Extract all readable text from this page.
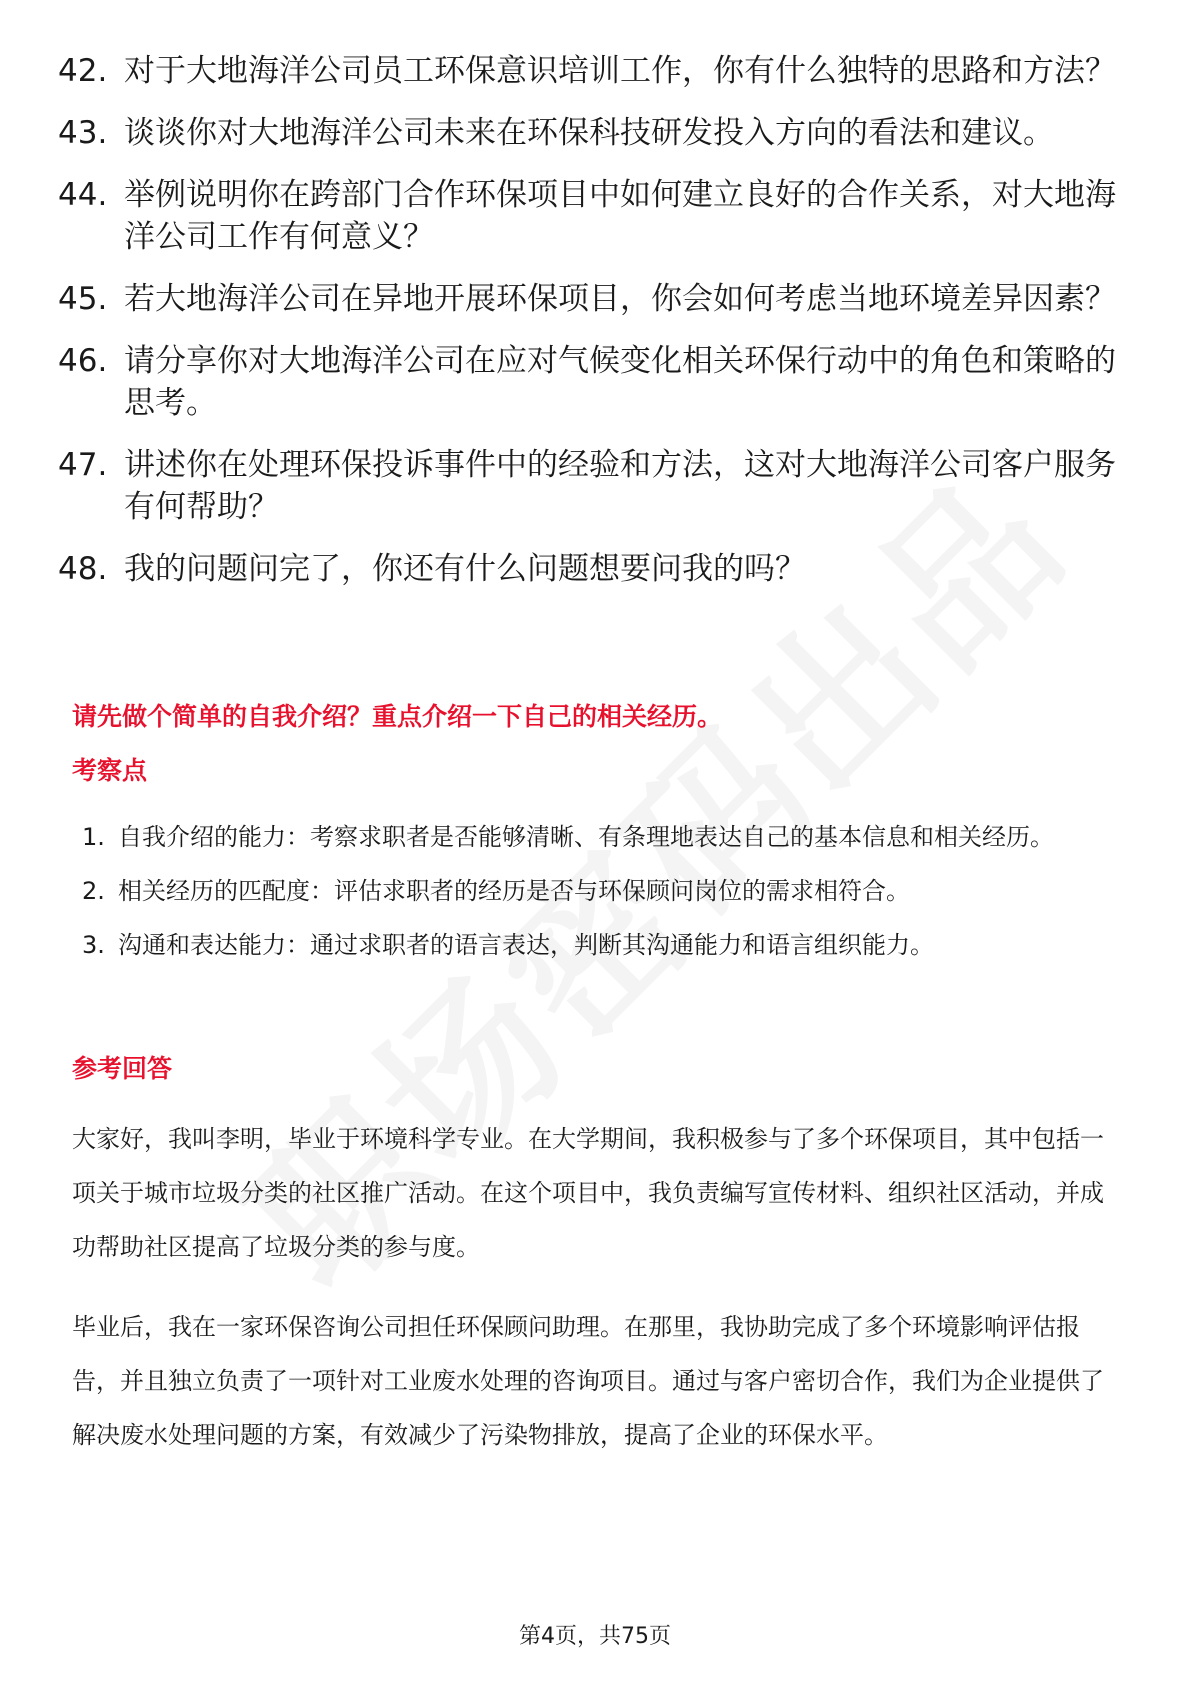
42. 对于大地海洋公司员工环保意识培训工作，你有什么独特的思路和方法？
43. 谈谈你对大地海洋公司未来在环保科技研发投入方向的看法和建议。
44. 举例说明你在跨部门合作环保项目中如何建立良好的合作关系，对大地海洋公司工作有何意义？
45. 若大地海洋公司在异地开展环保项目，你会如何考虑当地环境差异因素？
46. 请分享你对大地海洋公司在应对气候变化相关环保行动中的角色和策略的思考。
47. 讲述你在处理环保投诉事件中的经验和方法，这对大地海洋公司客户服务有何帮助？
48. 我的问题问完了，你还有什么问题想要问我的吗？
请先做个简单的自我介绍？重点介绍一下自己的相关经历。
考察点
1. 自我介绍的能力：考察求职者是否能够清晰、有条理地表达自己的基本信息和相关经历。
2. 相关经历的匹配度：评估求职者的经历是否与环保顾问岗位的需求相符合。
3. 沟通和表达能力：通过求职者的语言表达，判断其沟通能力和语言组织能力。
参考回答

大家好，我叫李明，毕业于环境科学专业。在大学期间，我积极参与了多个环保项目，其中包括一项关于城市垃圾分类的社区推广活动。在这个项目中，我负责编写宣传材料、组织社区活动，并成功帮助社区提高了垃圾分类的参与度。

毕业后，我在一家环保咨询公司担任环保顾问助理。在那里，我协助完成了多个环境影响评估报告，并且独立负责了一项针对工业废水处理的咨询项目。通过与客户密切合作，我们为企业提供了解决废水处理问题的方案，有效减少了污染物排放，提高了企业的环保水平。

第4页，共75页
